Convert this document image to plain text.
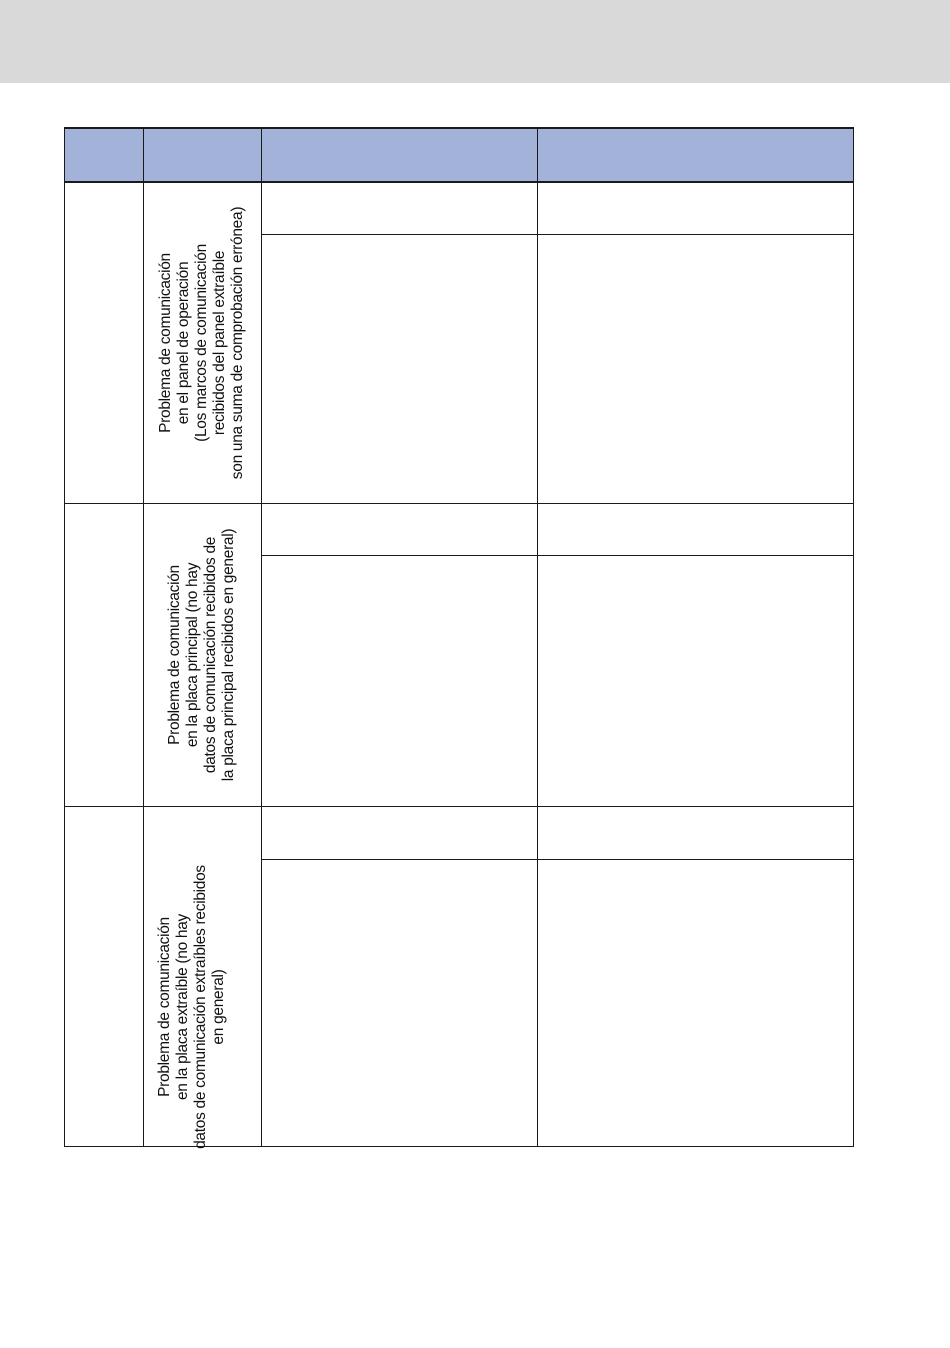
Problema de comunicación en el panel de operación (Los marcos de comunicación recibidos del panel extraíble son una suma de comprobación errónea)
Problema de comunicación en la placa principal (no hay datos de comunicación recibidos de la placa principal recibidos en general)
Problema de comunicación en la placa extraíble (no hay datos de comunicación extraíbles recibidos en general)
